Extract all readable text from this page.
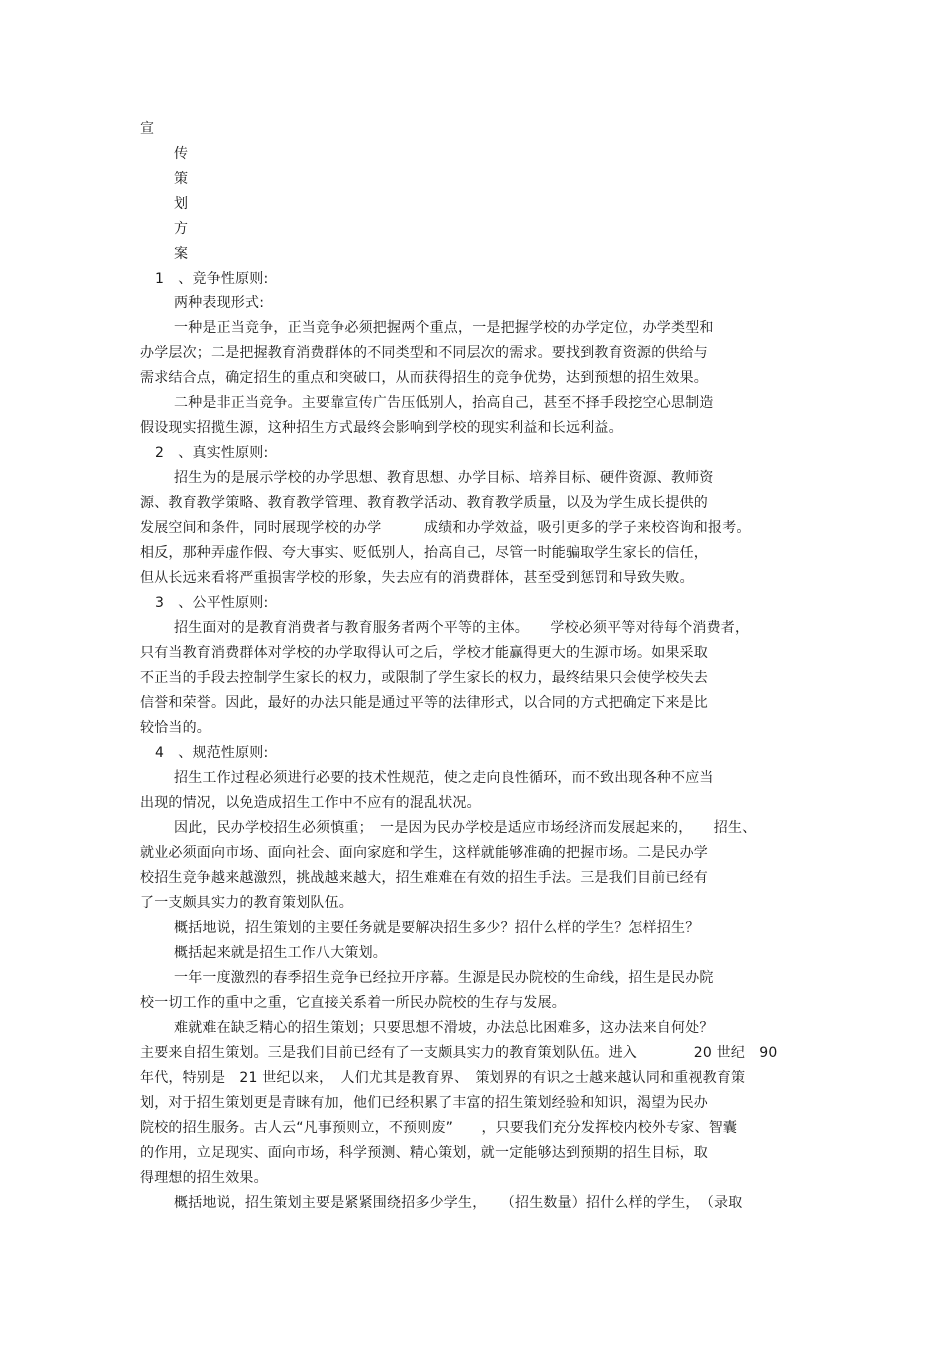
宣
传
策
划
方
案
1　、竞争性原则:
两种表现形式:
一种是正当竞争，正当竞争必须把握两个重点，一是把握学校的办学定位，办学类型和
办学层次；二是把握教育消费群体的不同类型和不同层次的需求。要找到教育资源的供给与
需求结合点，确定招生的重点和突破口，从而获得招生的竞争优势，达到预想的招生效果。
二种是非正当竞争。主要靠宣传广告压低别人，抬高自己，甚至不择手段挖空心思制造
假设现实招揽生源，这种招生方式最终会影响到学校的现实利益和长远利益。
2　、真实性原则:
招生为的是展示学校的办学思想、教育思想、办学目标、培养目标、硬件资源、教师资
源、教育教学策略、教育教学管理、教育教学活动、教育教学质量，以及为学生成长提供的
发展空间和条件，同时展现学校的办学　　　成绩和办学效益，吸引更多的学子来校咨询和报考。
相反，那种弄虚作假、夸大事实、贬低别人，抬高自己，尽管一时能骗取学生家长的信任，
但从长远来看将严重损害学校的形象，失去应有的消费群体，甚至受到惩罚和导致失败。
3　、公平性原则:
招生面对的是教育消费者与教育服务者两个平等的主体。　　学校必须平等对待每个消费者，
只有当教育消费群体对学校的办学取得认可之后，学校才能赢得更大的生源市场。如果采取
不正当的手段去控制学生家长的权力，或限制了学生家长的权力，最终结果只会使学校失去
信誉和荣誉。因此，最好的办法只能是通过平等的法律形式，以合同的方式把确定下来是比
较恰当的。
4　、规范性原则:
招生工作过程必须进行必要的技术性规范，使之走向良性循环，而不致出现各种不应当
出现的情况，以免造成招生工作中不应有的混乱状况。
因此，民办学校招生必须慎重；　一是因为民办学校是适应市场经济而发展起来的，　　招生、
就业必须面向市场、面向社会、面向家庭和学生，这样就能够准确的把握市场。二是民办学
校招生竞争越来越激烈，挑战越来越大，招生难难在有效的招生手法。三是我们目前已经有
了一支颇具实力的教育策划队伍。
概括地说，招生策划的主要任务就是要解决招生多少？招什么样的学生？怎样招生？
概括起来就是招生工作八大策划。
一年一度激烈的春季招生竞争已经拉开序幕。生源是民办院校的生命线，招生是民办院
校一切工作的重中之重，它直接关系着一所民办院校的生存与发展。
难就难在缺乏精心的招生策划；只要思想不滑坡，办法总比困难多，这办法来自何处？
主要来自招生策划。三是我们目前已经有了一支颇具实力的教育策划队伍。进入　　　　20 世纪　90
年代，特别是　21 世纪以来，　人们尤其是教育界、　策划界的有识之士越来越认同和重视教育策
划，对于招生策划更是青睐有加，他们已经积累了丰富的招生策划经验和知识，渴望为民办
院校的招生服务。古人云“凡事预则立，不预则废”　　，只要我们充分发挥校内校外专家、智囊
的作用，立足现实、面向市场，科学预测、精心策划，就一定能够达到预期的招生目标，取
得理想的招生效果。
概括地说，招生策划主要是紧紧围绕招多少学生，　　（招生数量）招什么样的学生，　（录取
